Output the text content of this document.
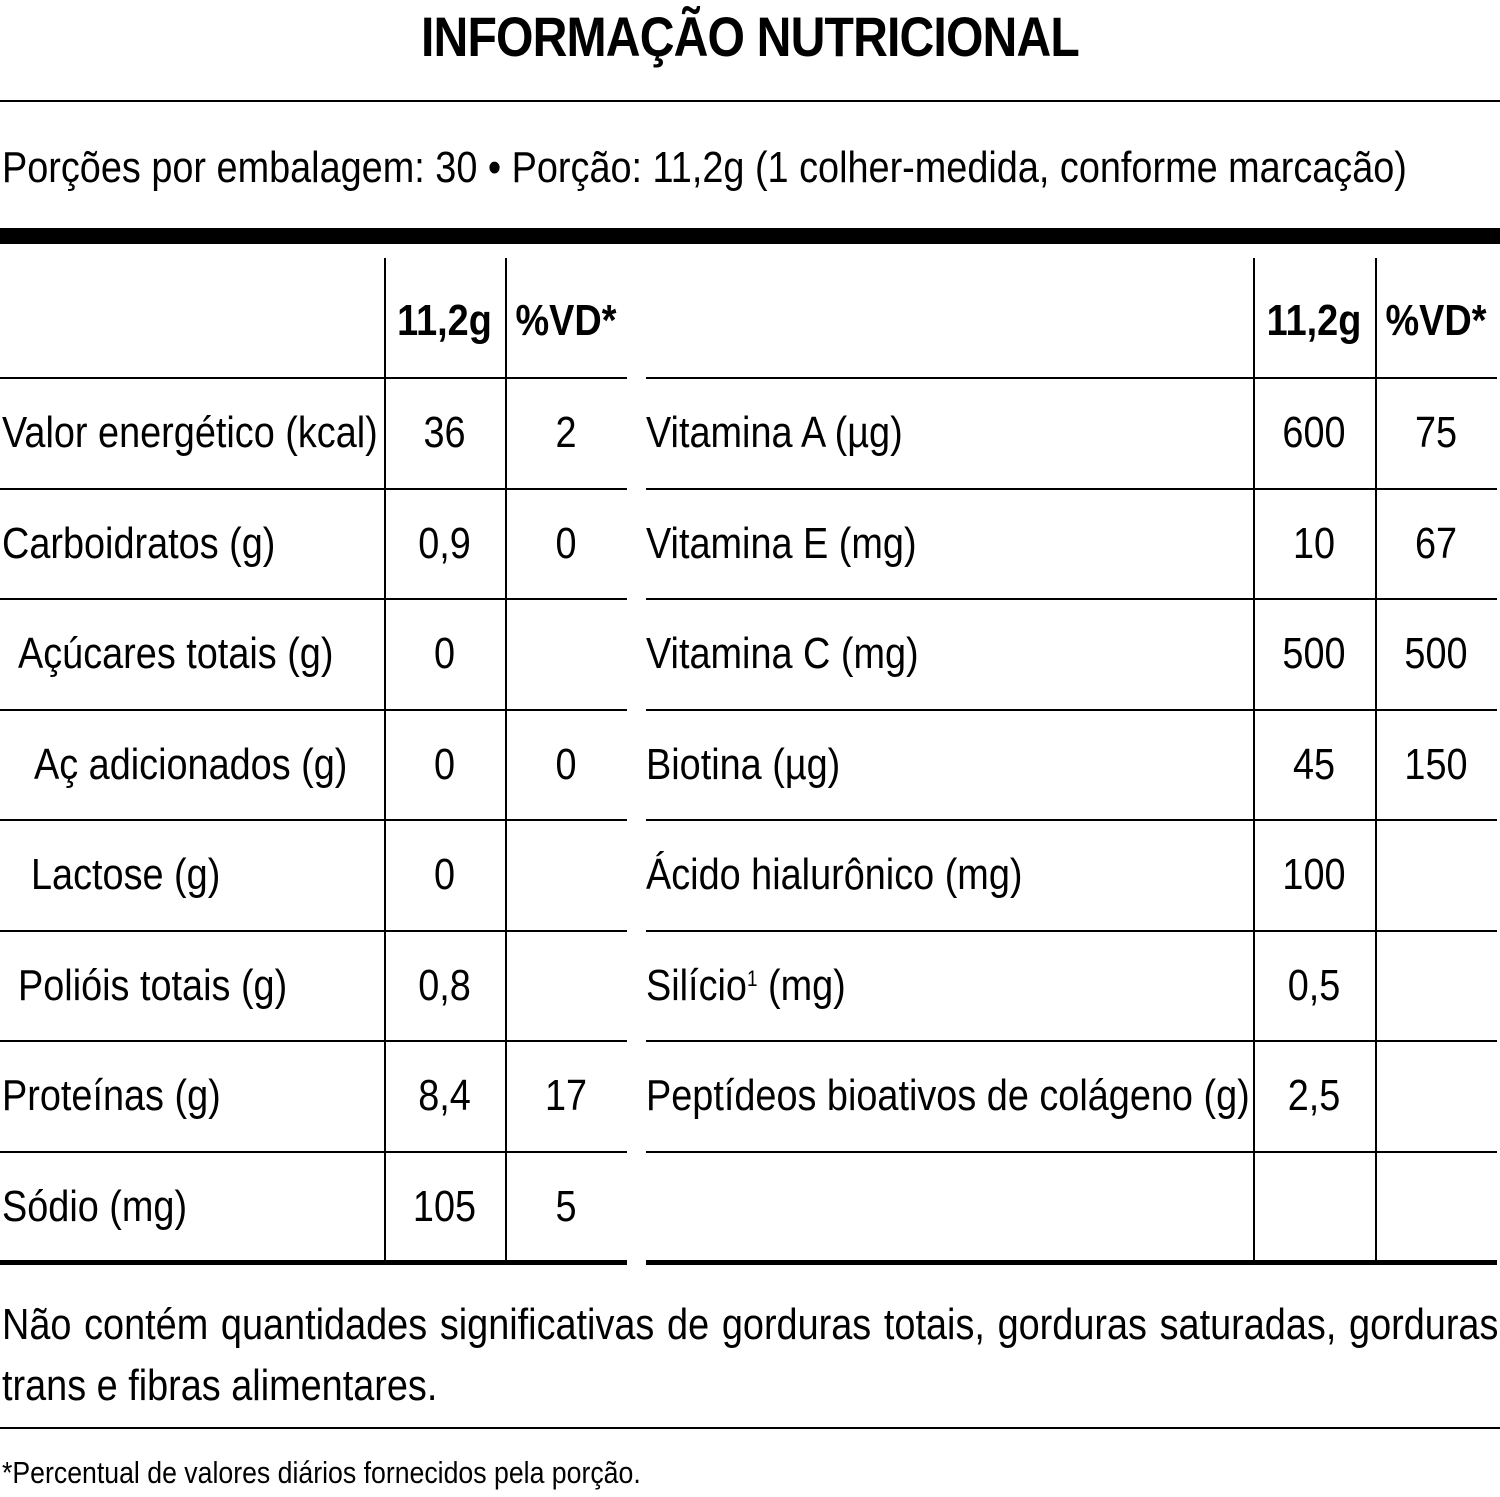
INFORMAÇÃO NUTRICIONAL
Porções por embalagem: 30 • Porção: 11,2g (1 colher-medida, conforme marcação)
11,2g %VD*
Valor energético (kcal)	36	2
Carboidratos (g)	0,9	0
Açúcares totais (g)	0
Aç adicionados (g)	0	0
Lactose (g)	0
Polióis totais (g)	0,8
Proteínas (g)	8,4	17
Sódio (mg)	105	5
11,2g %VD*
Vitamina A (µg)	600	75
Vitamina E (mg)	10	67
Vitamina C (mg)	500	500
Biotina (µg)	45	150
Ácido hialurônico (mg)	100
Silício$^1$ (mg)	0,5
Peptídeos bioativos de colágeno (g) 2,5
Não contém quantidades significativas de gorduras totais, gorduras saturadas, gorduras trans e fibras alimentares.
*Percentual de valores diários fornecidos pela porção.
